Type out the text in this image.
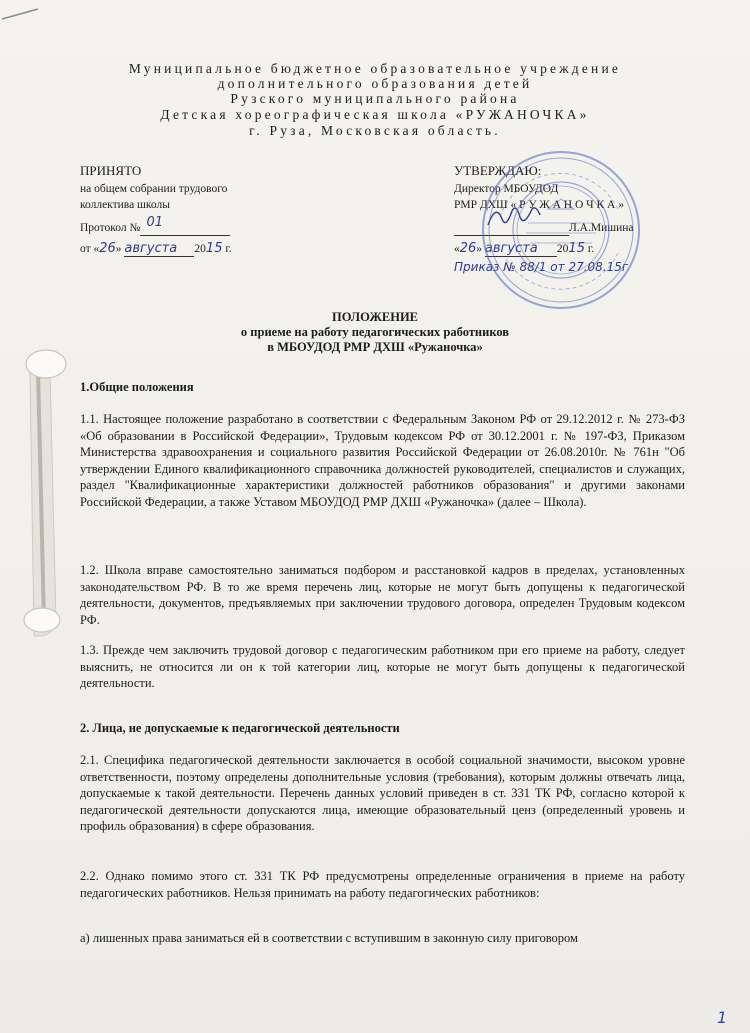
Муниципальное бюджетное образовательное учреждение
дополнительного образования детей
Рузского муниципального района
Детская хореографическая школа «РУЖАНОЧКА»
г. Руза, Московская область.
ПРИНЯТО
на общем собрании трудового
коллектива школы
Протокол № 01
от «26» августа 2015 г.
УТВЕРЖДАЮ:
Директор МБОУДОД
РМР ДХШ « Р У Ж А Н О Ч К А »

Л.А.Мишина
«26» августа 2015 г.
Приказ № 88/1 от 27.08.15г
ПОЛОЖЕНИЕ
о приеме на работу педагогических работников
в МБОУДОД РМР ДХШ «Ружаночка»
1.Общие положения
1.1. Настоящее положение разработано в соответствии с Федеральным Законом РФ от 29.12.2012 г. № 273-ФЗ «Об образовании в Российской Федерации», Трудовым кодексом РФ от 30.12.2001 г. № 197-ФЗ, Приказом Министерства здравоохранения и социального развития Российской Федерации от 26.08.2010г. № 761н "Об утверждении Единого квалификационного справочника должностей руководителей, специалистов и служащих, раздел "Квалификационные характеристики должностей работников образования" и другими законами Российской Федерации, а также Уставом МБОУДОД РМР ДХШ «Ружаночка» (далее – Школа).
1.2. Школа вправе самостоятельно заниматься подбором и расстановкой кадров в пределах, установленных законодательством РФ. В то же время перечень лиц, которые не могут быть допущены к педагогической деятельности, документов, предъявляемых при заключении трудового договора, определен Трудовым кодексом РФ.
1.3. Прежде чем заключить трудовой договор с педагогическим работником при его приеме на работу, следует выяснить, не относится ли он к той категории лиц, которые не могут быть допущены к педагогической деятельности.
2. Лица, не допускаемые к педагогической деятельности
2.1. Специфика педагогической деятельности заключается в особой социальной значимости, высоком уровне ответственности, поэтому определены дополнительные условия (требования), которым должны отвечать лица, допускаемые к такой деятельности. Перечень данных условий приведен в ст. 331 ТК РФ, согласно которой к педагогической деятельности допускаются лица, имеющие образовательный ценз (определенный уровень и профиль образования) в сфере образования.
2.2. Однако помимо этого ст. 331 ТК РФ предусмотрены определенные ограничения в приеме на работу педагогических работников. Нельзя принимать на работу педагогических работников:
а) лишенных права заниматься ей в соответствии с вступившим в законную силу приговором
1
